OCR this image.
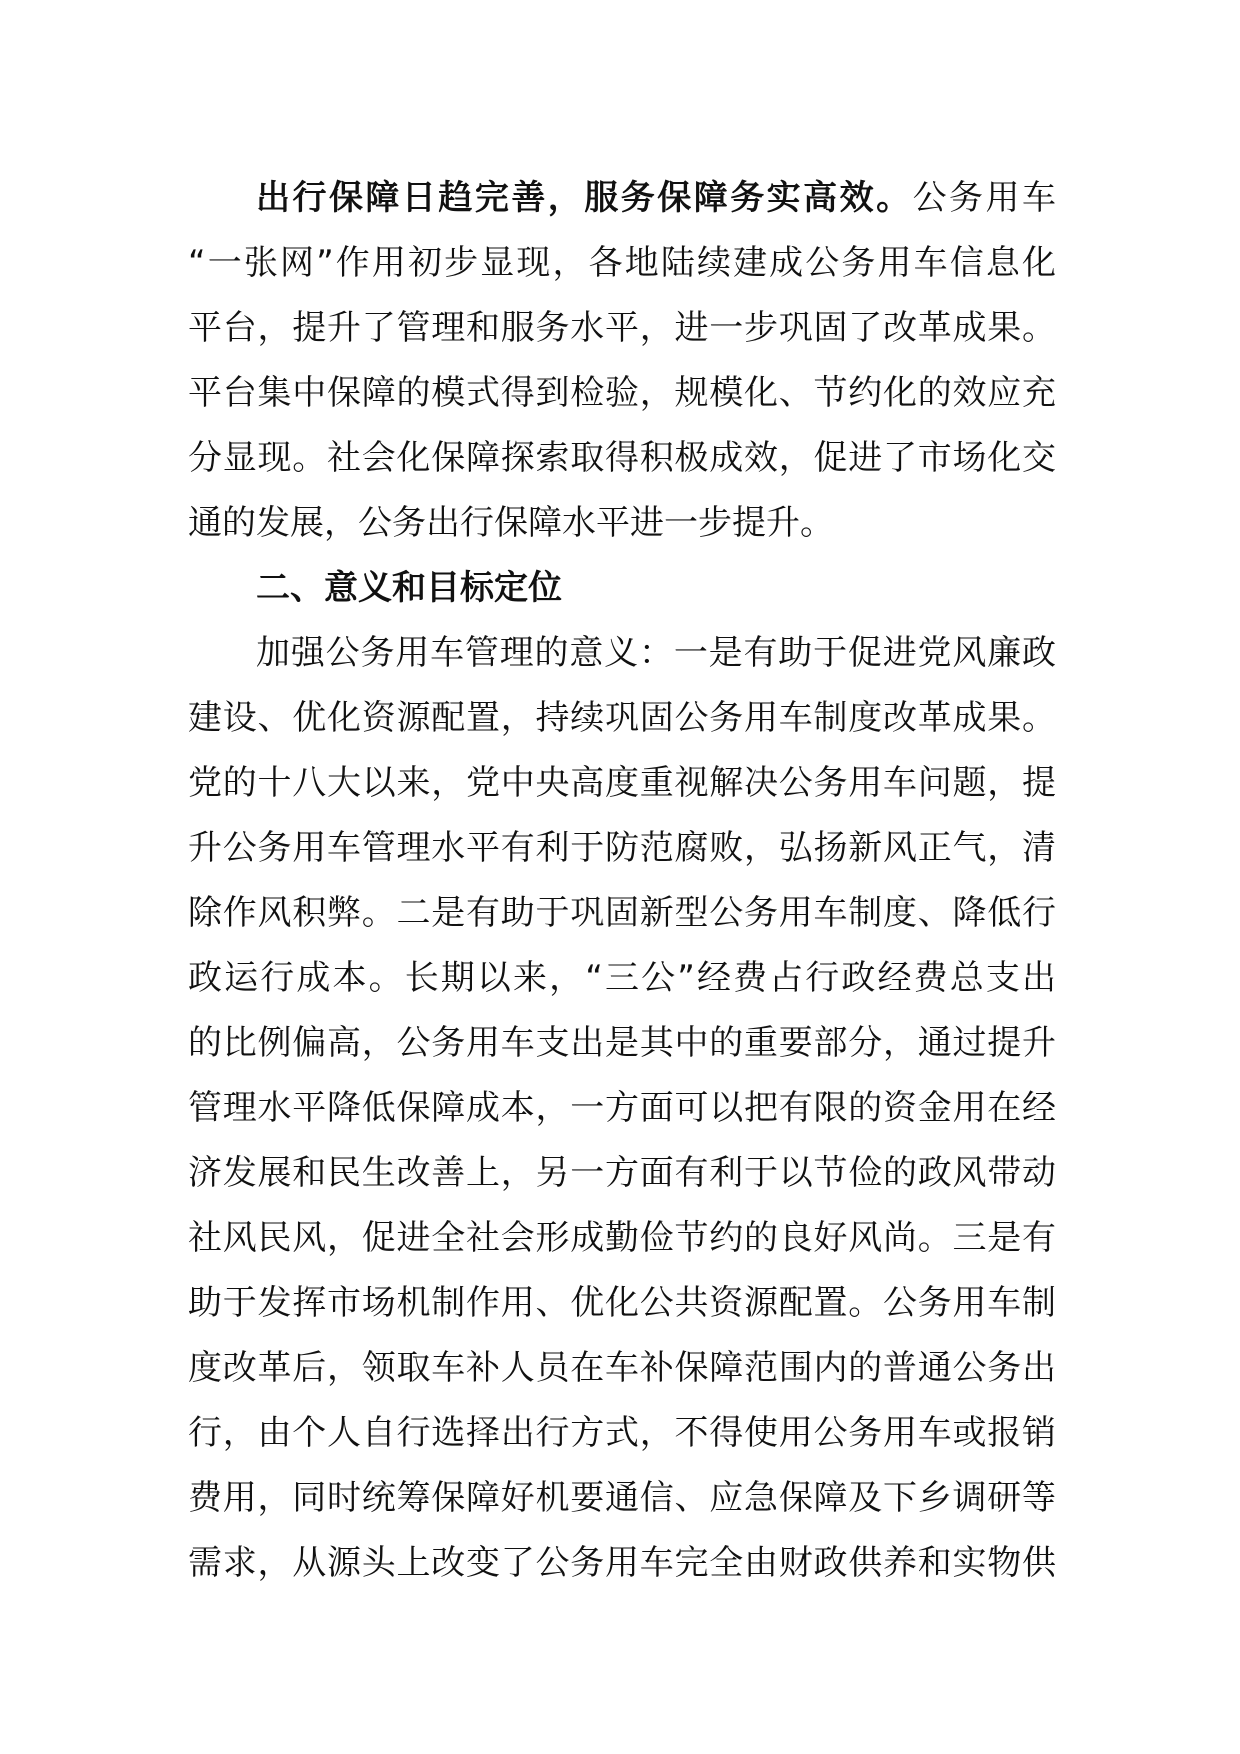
出行保障日趋完善，服务保障务实高效。公务用车
“一张网”作用初步显现，各地陆续建成公务用车信息化
平台，提升了管理和服务水平，进一步巩固了改革成果。
平台集中保障的模式得到检验，规模化、节约化的效应充
分显现。社会化保障探索取得积极成效，促进了市场化交
通的发展，公务出行保障水平进一步提升。
二、意义和目标定位
加强公务用车管理的意义：一是有助于促进党风廉政
建设、优化资源配置，持续巩固公务用车制度改革成果。
党的十八大以来，党中央高度重视解决公务用车问题，提
升公务用车管理水平有利于防范腐败，弘扬新风正气，清
除作风积弊。二是有助于巩固新型公务用车制度、降低行
政运行成本。长期以来，“三公”经费占行政经费总支出
的比例偏高，公务用车支出是其中的重要部分，通过提升
管理水平降低保障成本，一方面可以把有限的资金用在经
济发展和民生改善上，另一方面有利于以节俭的政风带动
社风民风，促进全社会形成勤俭节约的良好风尚。三是有
助于发挥市场机制作用、优化公共资源配置。公务用车制
度改革后，领取车补人员在车补保障范围内的普通公务出
行，由个人自行选择出行方式，不得使用公务用车或报销
费用，同时统筹保障好机要通信、应急保障及下乡调研等
需求，从源头上改变了公务用车完全由财政供养和实物供
